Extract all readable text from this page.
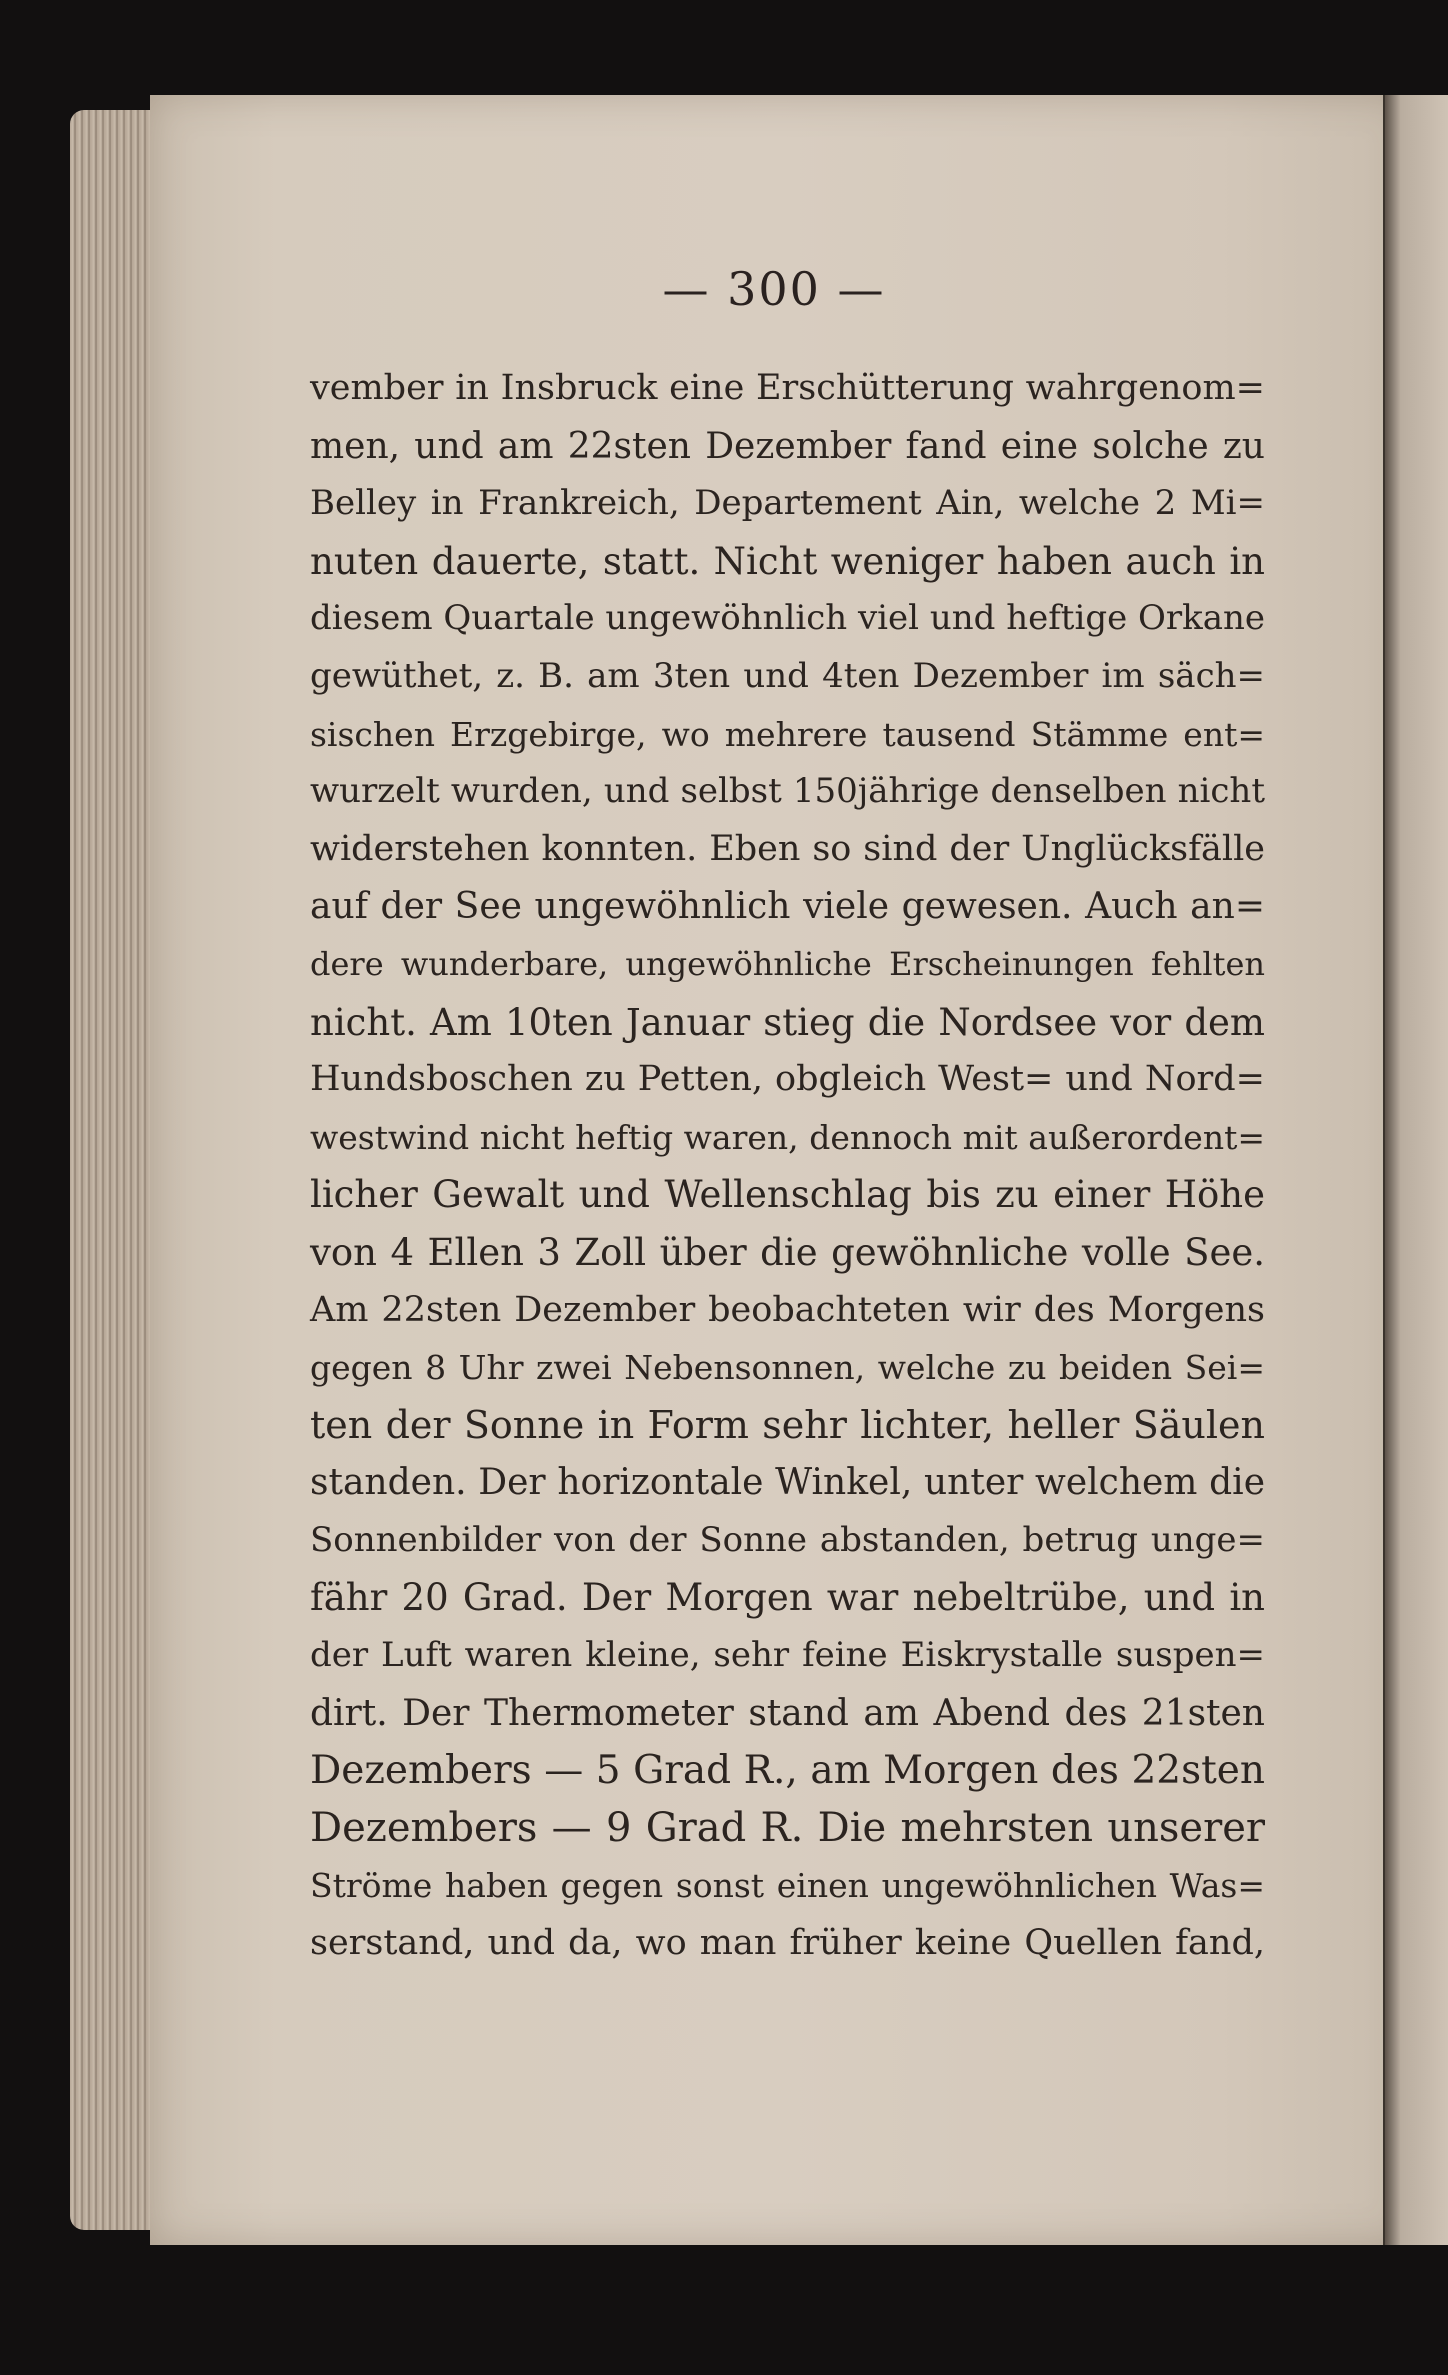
— 300 —
vember in Insbruck eine Erschütterung wahrgenom=
men, und am 22sten Dezember fand eine solche zu
Belley in Frankreich, Departement Ain, welche 2 Mi=
nuten dauerte, statt. Nicht weniger haben auch in
diesem Quartale ungewöhnlich viel und heftige Orkane
gewüthet, z. B. am 3ten und 4ten Dezember im säch=
sischen Erzgebirge, wo mehrere tausend Stämme ent=
wurzelt wurden, und selbst 150jährige denselben nicht
widerstehen konnten. Eben so sind der Unglücksfälle
auf der See ungewöhnlich viele gewesen. Auch an=
dere wunderbare, ungewöhnliche Erscheinungen fehlten
nicht. Am 10ten Januar stieg die Nordsee vor dem
Hundsboschen zu Petten, obgleich West= und Nord=
westwind nicht heftig waren, dennoch mit außerordent=
licher Gewalt und Wellenschlag bis zu einer Höhe
von 4 Ellen 3 Zoll über die gewöhnliche volle See.
Am 22sten Dezember beobachteten wir des Morgens
gegen 8 Uhr zwei Nebensonnen, welche zu beiden Sei=
ten der Sonne in Form sehr lichter, heller Säulen
standen. Der horizontale Winkel, unter welchem die
Sonnenbilder von der Sonne abstanden, betrug unge=
fähr 20 Grad. Der Morgen war nebeltrübe, und in
der Luft waren kleine, sehr feine Eiskrystalle suspen=
dirt. Der Thermometer stand am Abend des 21sten
Dezembers — 5 Grad R., am Morgen des 22sten
Dezembers — 9 Grad R. Die mehrsten unserer
Ströme haben gegen sonst einen ungewöhnlichen Was=
serstand, und da, wo man früher keine Quellen fand,
